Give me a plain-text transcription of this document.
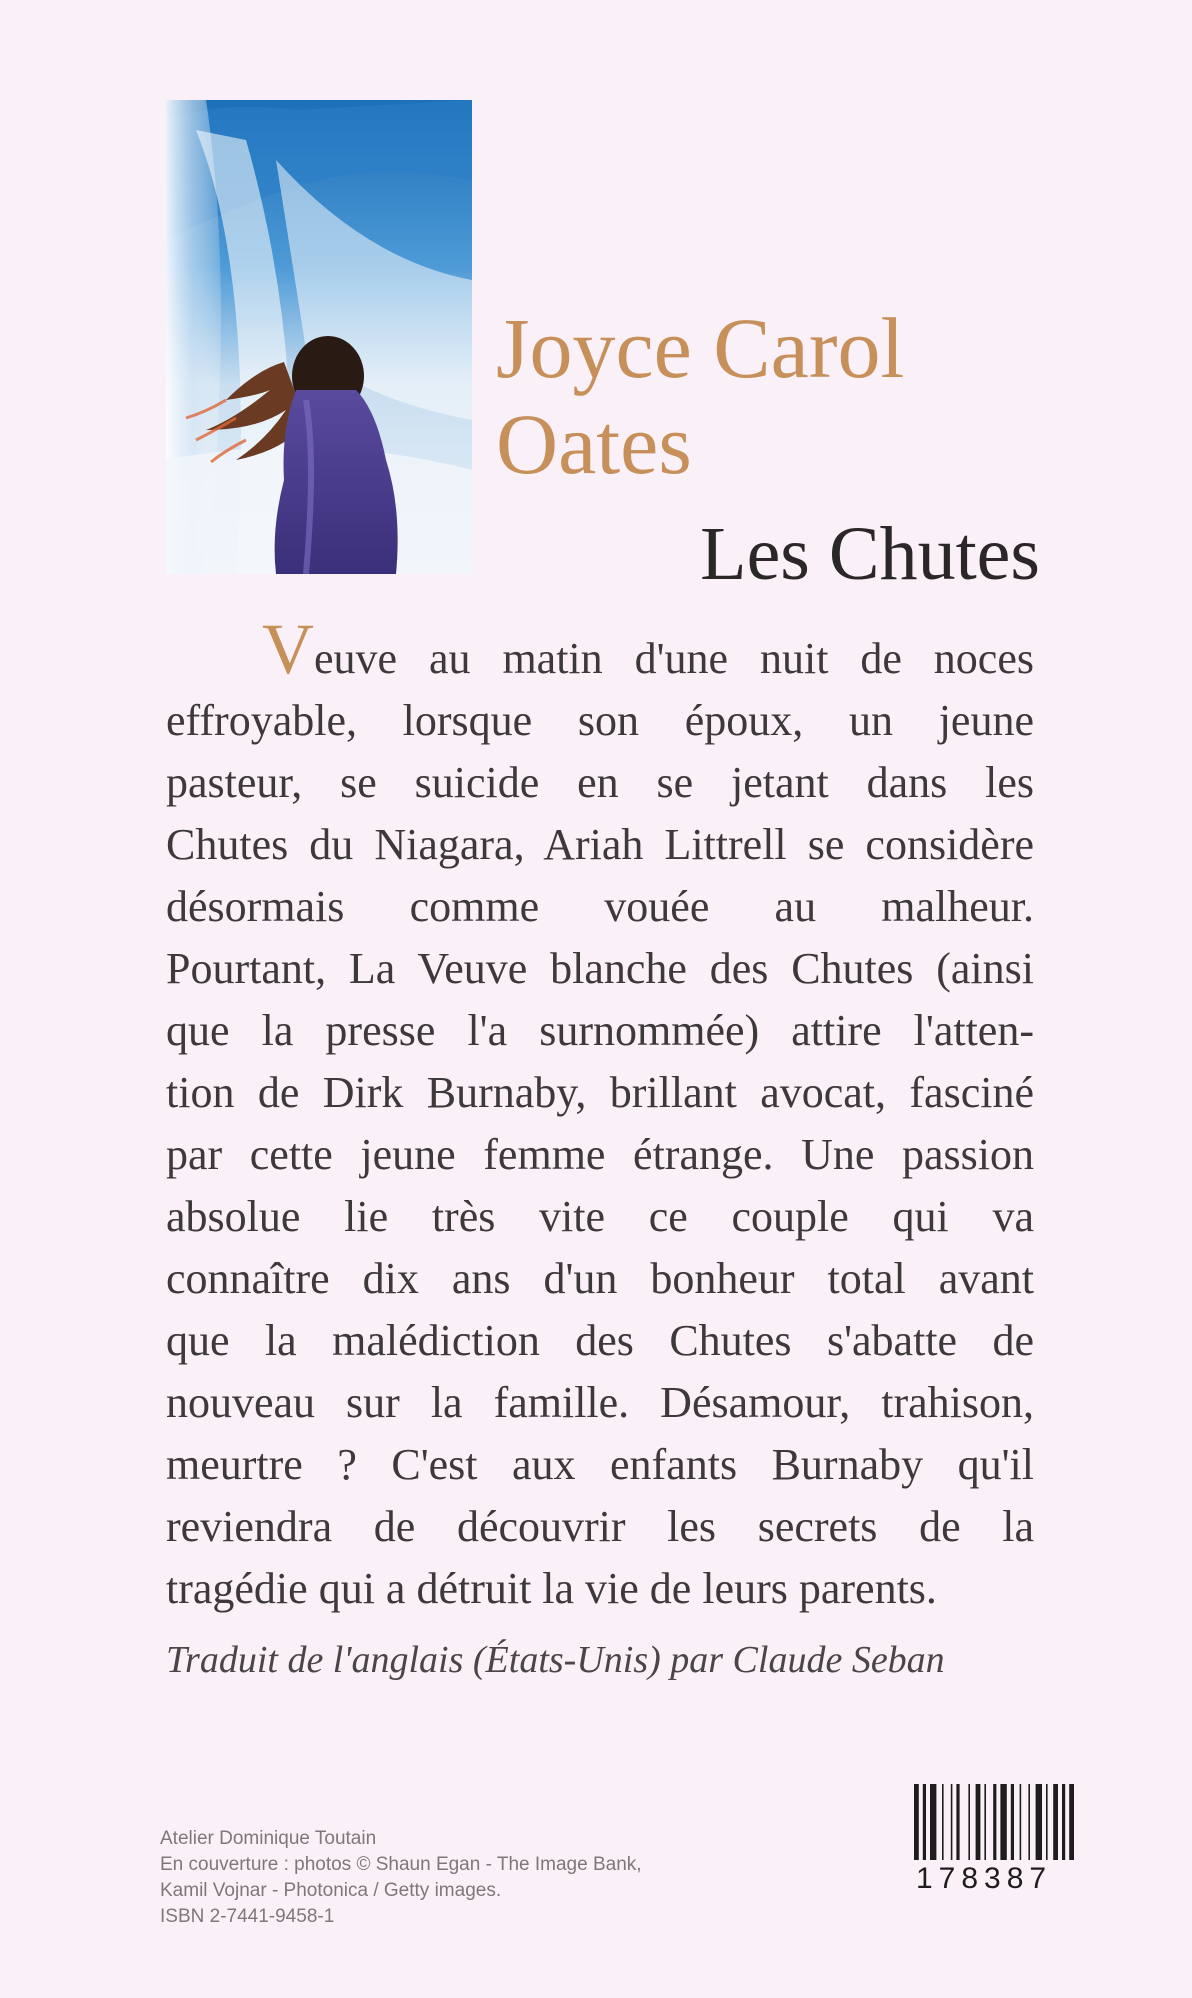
Joyce Carol
Oates
Les Chutes
Veuve au matin d'une nuit de noces
effroyable, lorsque son époux, un jeune
pasteur, se suicide en se jetant dans les
Chutes du Niagara, Ariah Littrell se considère
désormais comme vouée au malheur.
Pourtant, La Veuve blanche des Chutes (ainsi
que la presse l'a surnommée) attire l'atten-
tion de Dirk Burnaby, brillant avocat, fasciné
par cette jeune femme étrange. Une passion
absolue lie très vite ce couple qui va
connaître dix ans d'un bonheur total avant
que la malédiction des Chutes s'abatte de
nouveau sur la famille. Désamour, trahison,
meurtre ? C'est aux enfants Burnaby qu'il
reviendra de découvrir les secrets de la
tragédie qui a détruit la vie de leurs parents.
Traduit de l'anglais (États-Unis) par Claude Seban
Atelier Dominique Toutain
En couverture : photos © Shaun Egan - The Image Bank,
Kamil Vojnar - Photonica / Getty images.
ISBN 2-7441-9458-1
178387
